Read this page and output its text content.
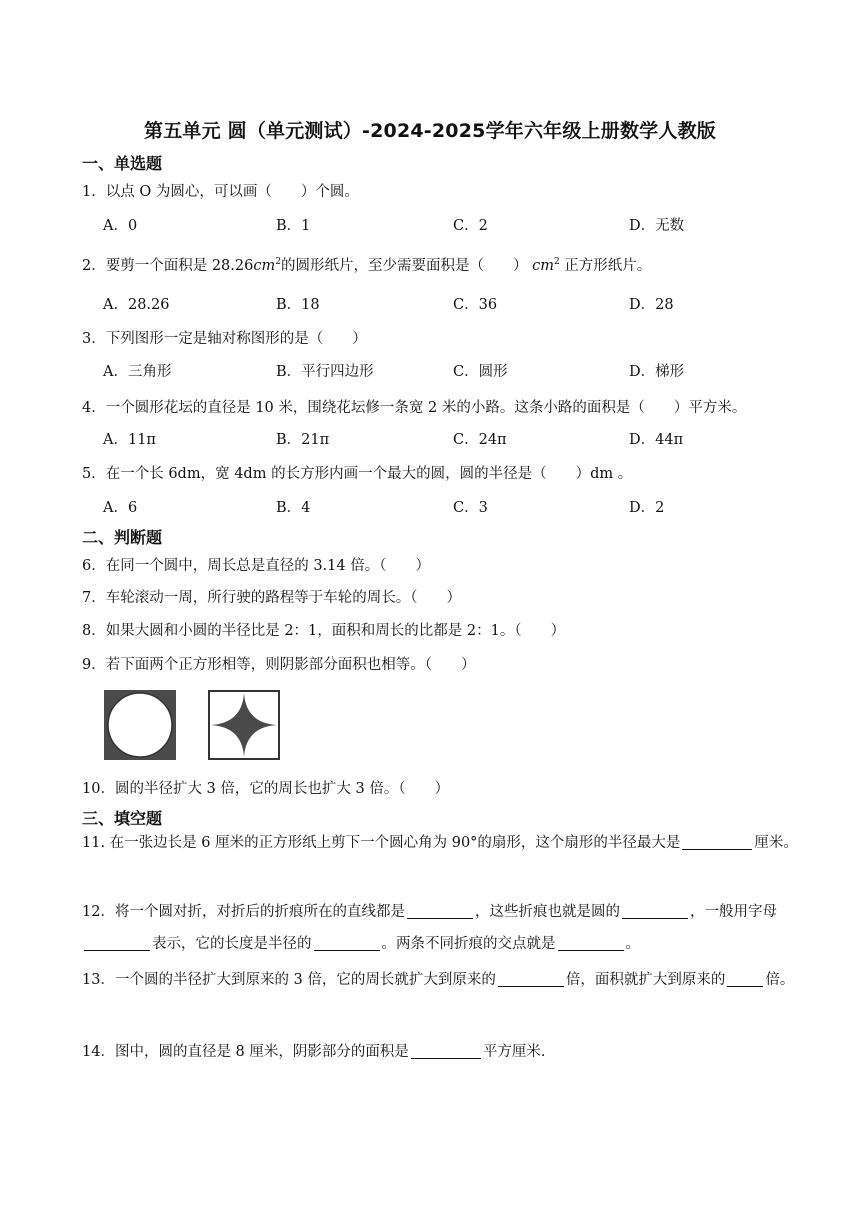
第五单元 圆（单元测试）-2024-2025学年六年级上册数学人教版
一、单选题
1．以点 O 为圆心，可以画（　　）个圆。
A．0	B．1	C．2	D．无数
2．要剪一个面积是 $28.26cm^2$的圆形纸片，至少需要面积是（　　） $cm^2$ 正方形纸片。
A．28.26	B．18	C．36	D．28
3．下列图形一定是轴对称图形的是（　　）
A．三角形	B．平行四边形	C．圆形	D．梯形
4．一个圆形花坛的直径是 10 米，围绕花坛修一条宽 2 米的小路。这条小路的面积是（　　）平方米。
A．11π	B．21π	C．24π	D．44π
5．在一个长 6dm，宽 4dm 的长方形内画一个最大的圆，圆的半径是（　　）dm 。
A．6	B．4	C．3	D．2
二、判断题
6．在同一个圆中，周长总是直径的 3.14 倍。（　　）
7．车轮滚动一周，所行驶的路程等于车轮的周长。（　　）
8．如果大圆和小圆的半径比是 2：1，面积和周长的比都是 2：1。（　　）
9．若下面两个正方形相等，则阴影部分面积也相等。（　　）
10．圆的半径扩大 3 倍，它的周长也扩大 3 倍。（　　）
三、填空题
11. 在一张边长是 6 厘米的正方形纸上剪下一个圆心角为 90°的扇形，这个扇形的半径最大是	厘米。
12．将一个圆对折，对折后的折痕所在的直线都是	，这些折痕也就是圆的	，一般用字母表示，它的长度是半径的	。两条不同折痕的交点就是	。
13．一个圆的半径扩大到原来的 3 倍，它的周长就扩大到原来的	倍，面积就扩大到原来的	倍。
14．图中，圆的直径是 8 厘米，阴影部分的面积是	平方厘米.
